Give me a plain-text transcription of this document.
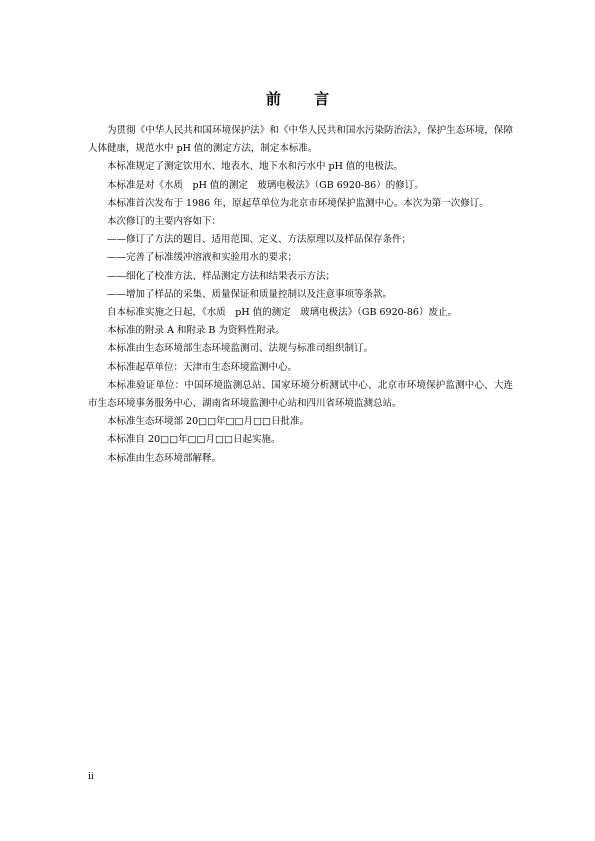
前 言

为贯彻《中华人民共和国环境保护法》和《中华人民共和国水污染防治法》，保护生态环境，保障人体健康，规范水中 pH 值的测定方法，制定本标准。

本标准规定了测定饮用水、地表水、地下水和污水中 pH 值的电极法。

本标准是对《水质　pH 值的测定　玻璃电极法》（GB 6920-86）的修订。

本标准首次发布于 1986 年，原起草单位为北京市环境保护监测中心。本次为第一次修订。

本次修订的主要内容如下：

——修订了方法的题目、适用范围、定义、方法原理以及样品保存条件；

——完善了标准缓冲溶液和实验用水的要求；

——细化了校准方法、样品测定方法和结果表示方法；

——增加了样品的采集、质量保证和质量控制以及注意事项等条款。

自本标准实施之日起，《水质　pH 值的测定　玻璃电极法》（GB 6920-86）废止。

本标准的附录 A 和附录 B 为资料性附录。

本标准由生态环境部生态环境监测司、法规与标准司组织制订。

本标准起草单位：天津市生态环境监测中心。

本标准验证单位：中国环境监测总站、国家环境分析测试中心、北京市环境保护监测中心、大连市生态环境事务服务中心、湖南省环境监测中心站和四川省环境监测总站。

本标准生态环境部 20□□年□□月□□日批准。

本标准自 20□□年□□月□□日起实施。

本标准由生态环境部解释。

ii
